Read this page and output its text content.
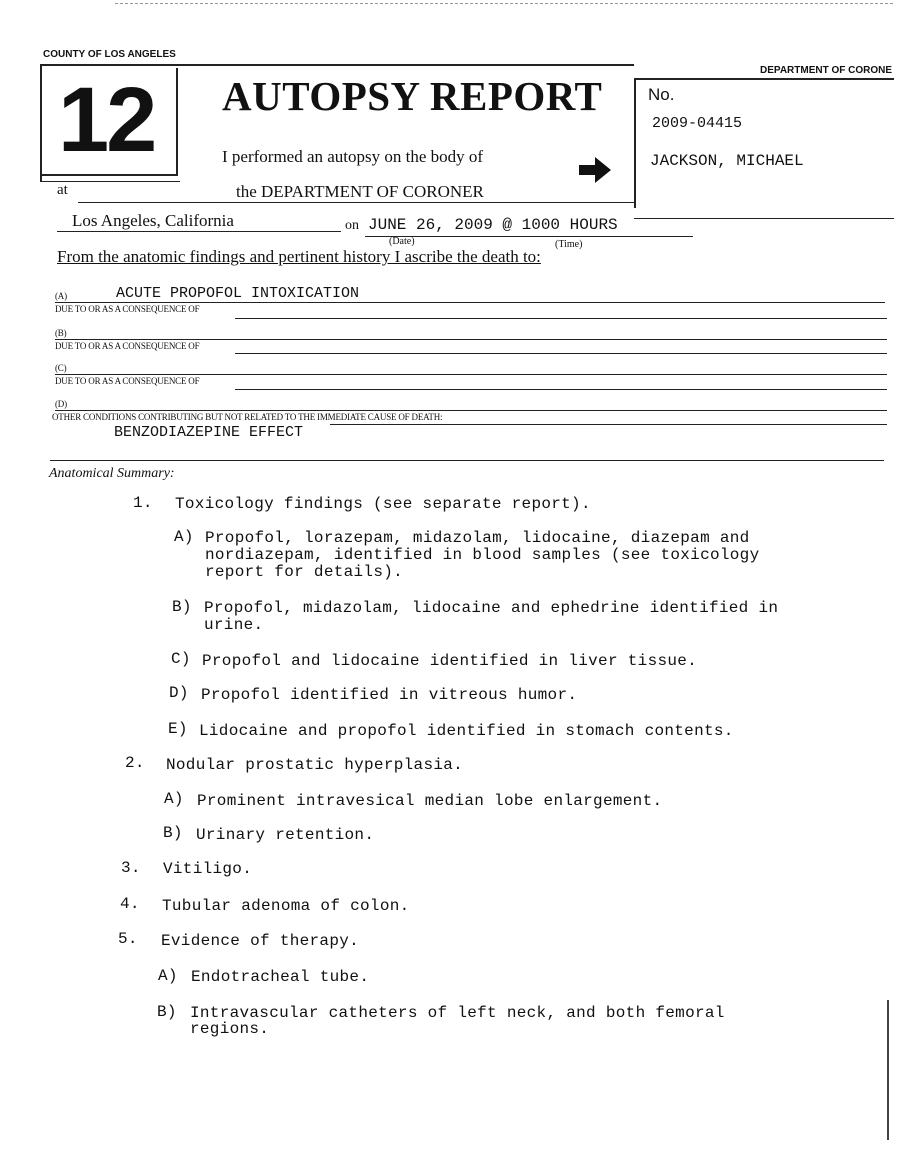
COUNTY OF LOS ANGELES
DEPARTMENT OF CORONE
12 AUTOPSY REPORT
I performed an autopsy on the body of
at	the DEPARTMENT OF CORONER
No.
2009-04415
JACKSON, MICHAEL
Los Angeles, California	on JUNE 26, 2009 @ 1000 HOURS
(Date)	(Time)
From the anatomic findings and pertinent history I ascribe the death to:
(A)	ACUTE PROPOFOL INTOXICATION
DUE TO OR AS A CONSEQUENCE OF
(B)
DUE TO OR AS A CONSEQUENCE OF
(C)
DUE TO OR AS A CONSEQUENCE OF
(D)
OTHER CONDITIONS CONTRIBUTING BUT NOT RELATED TO THE IMMEDIATE CAUSE OF DEATH:
BENZODIAZEPINE EFFECT
Anatomical Summary:
1. Toxicology findings (see separate report).
A) Propofol, lorazepam, midazolam, lidocaine, diazepam and nordiazepam, identified in blood samples (see toxicology report for details).
B) Propofol, midazolam, lidocaine and ephedrine identified in urine.
C) Propofol and lidocaine identified in liver tissue.
D) Propofol identified in vitreous humor.
E) Lidocaine and propofol identified in stomach contents.
2. Nodular prostatic hyperplasia.
A) Prominent intravesical median lobe enlargement.
B) Urinary retention.
3. Vitiligo.
4. Tubular adenoma of colon.
5. Evidence of therapy.
A) Endotracheal tube.
B) Intravascular catheters of left neck, and both femoral regions.
